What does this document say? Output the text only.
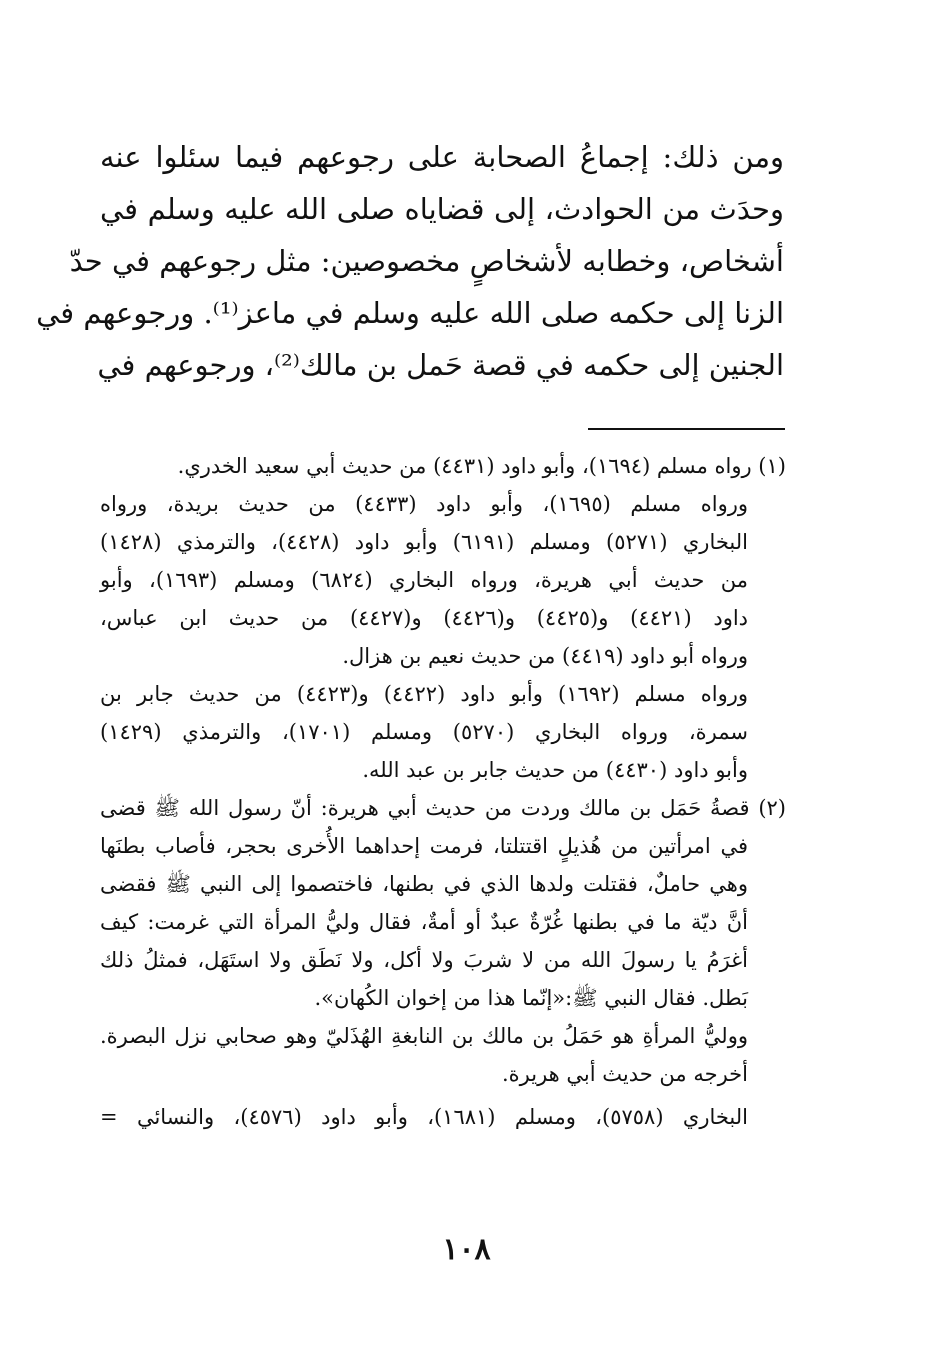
ومن ذلك: إجماعُ الصحابة على رجوعهم فيما سئلوا عنه
وحدَث من الحوادث، إلى قضاياه صلى الله عليه وسلم في
أشخاص، وخطابه لأشخاصٍ مخصوصين: مثل رجوعهم في حدّ
الزنا إلى حكمه صلى الله عليه وسلم في ماعز⁽¹⁾. ورجوعهم في
الجنين إلى حكمه في قصة حَمل بن مالك⁽²⁾، ورجوعهم في
(١) رواه مسلم (١٦٩٤)، وأبو داود (٤٤٣١) من حديث أبي سعيد الخدري.
ورواه مسلم (١٦٩٥)، وأبو داود (٤٤٣٣) من حديث بريدة، ورواه
البخاري (٥٢٧١) ومسلم (٦١٩١) وأبو داود (٤٤٢٨)، والترمذي (١٤٢٨)
من حديث أبي هريرة، ورواه البخاري (٦٨٢٤) ومسلم (١٦٩٣)، وأبو
داود (٤٤٢١) و(٤٤٢٥) و(٤٤٢٦) و(٤٤٢٧) من حديث ابن عباس،
ورواه أبو داود (٤٤١٩) من حديث نعيم بن هزال.
ورواه مسلم (١٦٩٢) وأبو داود (٤٤٢٢) و(٤٤٢٣) من حديث جابر بن
سمرة، ورواه البخاري (٥٢٧٠) ومسلم (١٧٠١)، والترمذي (١٤٢٩)
وأبو داود (٤٤٣٠) من حديث جابر بن عبد الله.
(٢) قصةُ حَمَل بن مالك وردت من حديث أبي هريرة: أنّ رسول الله ﷺ قضى
في امرأتين من هُذيلٍ اقتتلتا، فرمت إحداهما الأُخرى بحجر، فأصاب بطنَها
وهي حاملٌ، فقتلت ولدها الذي في بطنها، فاختصموا إلى النبي ﷺ فقضى
أنَّ ديّة ما في بطنها غُرّةٌ عبدٌ أو أمةٌ، فقال وليُّ المرأة التي غرمت: كيف
أغرَمُ يا رسولَ الله من لا شربَ ولا أكل، ولا نَطَق ولا استَهَل، فمثلُ ذلك
بَطل. فقال النبي ﷺ:«إنّما هذا من إخوان الكُهان».
ووليُّ المرأةِ هو حَمَلُ بن مالك بن النابغةِ الهُذَليّ وهو صحابي نزل البصرة.
أخرجه من حديث أبي هريرة.
البخاري (٥٧٥٨)، ومسلم (١٦٨١)، وأبو داود (٤٥٧٦)، والنسائي =
١٠٨
